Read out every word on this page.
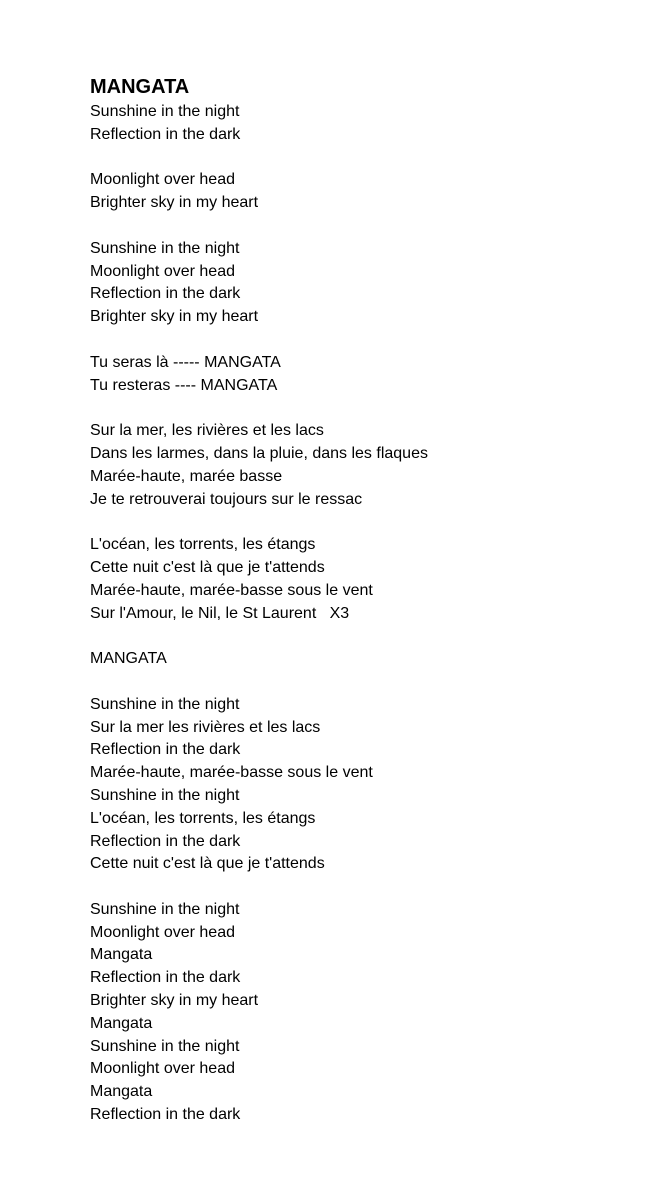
MANGATA
Sunshine in the night
Reflection in the dark
Moonlight over head
Brighter sky in my heart
Sunshine in the night
Moonlight over head
Reflection in the dark
Brighter sky in my heart
Tu seras là ----- MANGATA
Tu resteras ---- MANGATA
Sur la mer, les rivières et les lacs
Dans les larmes, dans la pluie, dans les flaques
Marée-haute, marée basse
Je te retrouverai toujours sur le ressac
L'océan, les torrents, les étangs
Cette nuit c'est là que je t'attends
Marée-haute, marée-basse sous le vent
Sur l'Amour, le Nil, le St Laurent   X3
MANGATA
Sunshine in the night
Sur la mer les rivières et les lacs
Reflection in the dark
Marée-haute, marée-basse sous le vent
Sunshine in the night
L'océan, les torrents, les étangs
Reflection in the dark
Cette nuit c'est là que je t'attends
Sunshine in the night
Moonlight over head
Mangata
Reflection in the dark
Brighter sky in my heart
Mangata
Sunshine in the night
Moonlight over head
Mangata
Reflection in the dark
